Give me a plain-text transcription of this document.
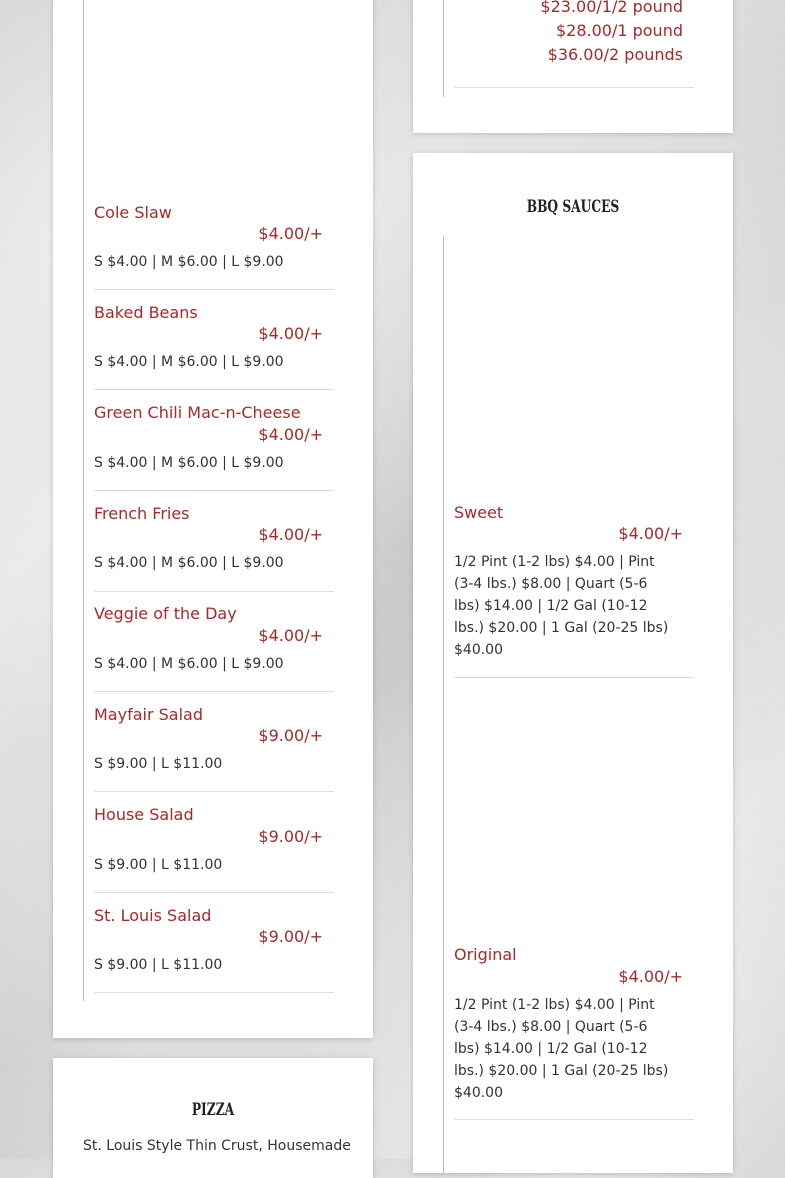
Cole Slaw
$4.00/+
S $4.00 | M $6.00 | L $9.00
Baked Beans
$4.00/+
S $4.00 | M $6.00 | L $9.00
Green Chili Mac-n-Cheese
$4.00/+
S $4.00 | M $6.00 | L $9.00
French Fries
$4.00/+
S $4.00 | M $6.00 | L $9.00
Veggie of the Day
$4.00/+
S $4.00 | M $6.00 | L $9.00
Mayfair Salad
$9.00/+
S $9.00 | L $11.00
House Salad
$9.00/+
S $9.00 | L $11.00
St. Louis Salad
$9.00/+
S $9.00 | L $11.00
$23.00/1/2 pound
$28.00/1 pound
$36.00/2 pounds
BBQ SAUCES
Sweet
$4.00/+
1/2 Pint (1-2 lbs) $4.00 | Pint (3-4 lbs.) $8.00 | Quart (5-6 lbs) $14.00 | 1/2 Gal (10-12 lbs.) $20.00 | 1 Gal (20-25 lbs) $40.00
Original
$4.00/+
1/2 Pint (1-2 lbs) $4.00 | Pint (3-4 lbs.) $8.00 | Quart (5-6 lbs) $14.00 | 1/2 Gal (10-12 lbs.) $20.00 | 1 Gal (20-25 lbs) $40.00
PIZZA
St. Louis Style Thin Crust, Housemade
